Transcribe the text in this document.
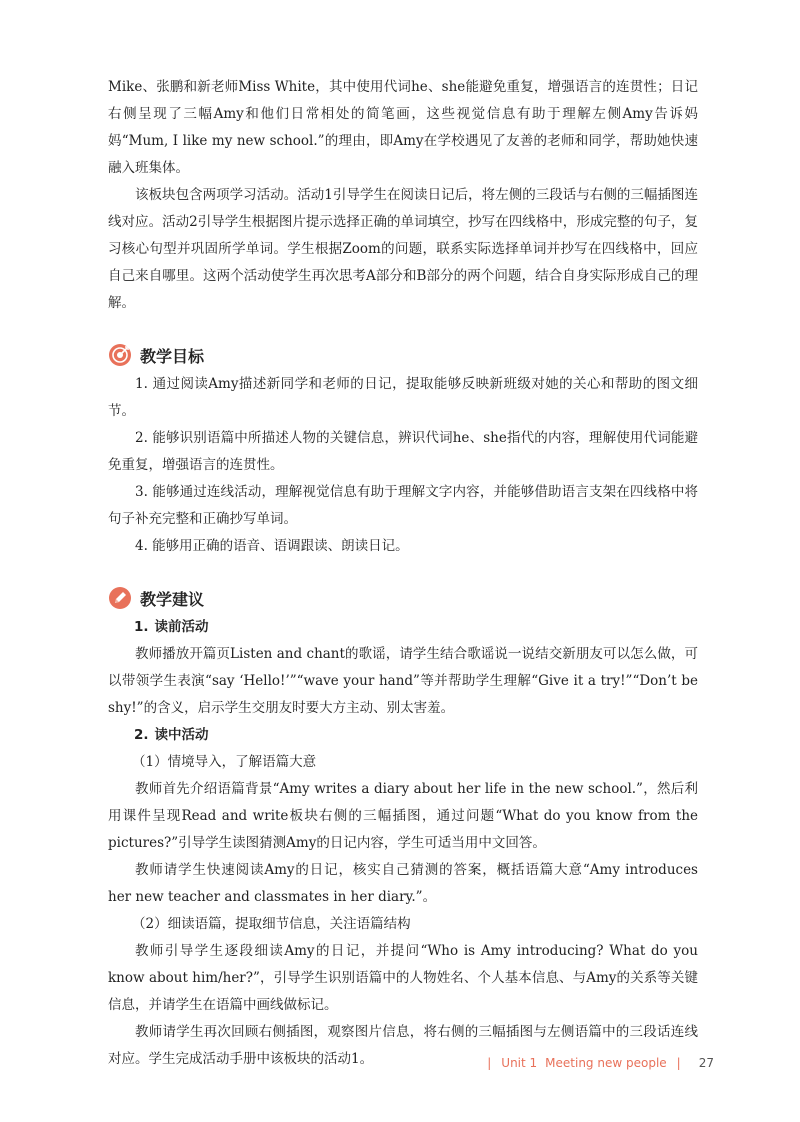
Mike、张鹏和新老师Miss White，其中使用代词he、she能避免重复，增强语言的连贯性；日记右侧呈现了三幅Amy和他们日常相处的简笔画，这些视觉信息有助于理解左侧Amy告诉妈妈“Mum, I like my new school.”的理由，即Amy在学校遇见了友善的老师和同学，帮助她快速融入班集体。

该板块包含两项学习活动。活动1引导学生在阅读日记后，将左侧的三段话与右侧的三幅插图连线对应。活动2引导学生根据图片提示选择正确的单词填空，抄写在四线格中，形成完整的句子，复习核心句型并巩固所学单词。学生根据Zoom的问题，联系实际选择单词并抄写在四线格中，回应自己来自哪里。这两个活动使学生再次思考A部分和B部分的两个问题，结合自身实际形成自己的理解。

教学目标

1. 通过阅读Amy描述新同学和老师的日记，提取能够反映新班级对她的关心和帮助的图文细节。

2. 能够识别语篇中所描述人物的关键信息，辨识代词he、she指代的内容，理解使用代词能避免重复，增强语言的连贯性。

3. 能够通过连线活动，理解视觉信息有助于理解文字内容，并能够借助语言支架在四线格中将句子补充完整和正确抄写单词。

4. 能够用正确的语音、语调跟读、朗读日记。

教学建议
1. 读前活动

教师播放开篇页Listen and chant的歌谣，请学生结合歌谣说一说结交新朋友可以怎么做，可以带领学生表演“say ‘Hello!’”“wave your hand”等并帮助学生理解“Give it a try!”“Don’t be shy!”的含义，启示学生交朋友时要大方主动、别太害羞。

2. 读中活动
（1）情境导入，了解语篇大意

教师首先介绍语篇背景“Amy writes a diary about her life in the new school.”，然后利用课件呈现Read and write板块右侧的三幅插图，通过问题“What do you know from the pictures?”引导学生读图猜测Amy的日记内容，学生可适当用中文回答。

教师请学生快速阅读Amy的日记，核实自己猜测的答案，概括语篇大意“Amy introduces her new teacher and classmates in her diary.”。

（2）细读语篇，提取细节信息，关注语篇结构

教师引导学生逐段细读Amy的日记，并提问“Who is Amy introducing? What do you know about him/her?”，引导学生识别语篇中的人物姓名、个人基本信息、与Amy的关系等关键信息，并请学生在语篇中画线做标记。

教师请学生再次回顾右侧插图，观察图片信息，将右侧的三幅插图与左侧语篇中的三段话连线对应。学生完成活动手册中该板块的活动1。	| Unit 1 Meeting new people | 27
